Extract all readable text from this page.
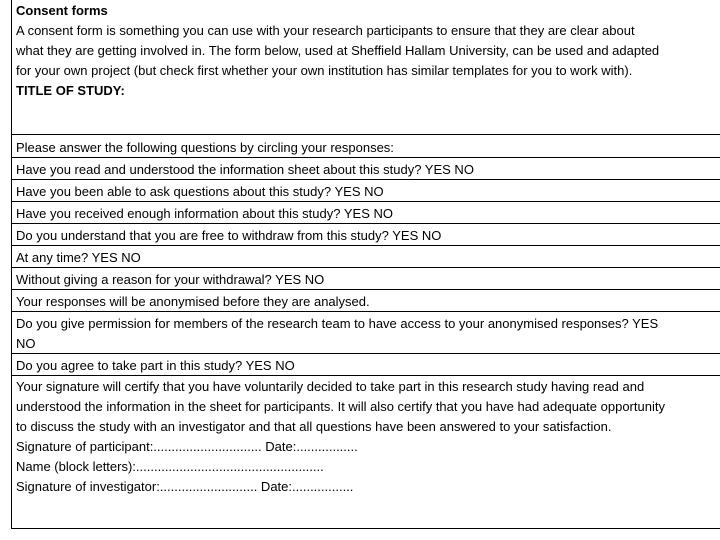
Consent forms
A consent form is something you can use with your research participants to ensure that they are clear about
what they are getting involved in. The form below, used at Sheffield Hallam University, can be used and adapted
for your own project (but check first whether your own institution has similar templates for you to work with).
TITLE OF STUDY:
Please answer the following questions by circling your responses:
Have you read and understood the information sheet about this study? YES NO
Have you been able to ask questions about this study? YES NO
Have you received enough information about this study? YES NO
Do you understand that you are free to withdraw from this study? YES NO
At any time? YES NO
Without giving a reason for your withdrawal? YES NO
Your responses will be anonymised before they are analysed.
Do you give permission for members of the research team to have access to your anonymised responses? YES
NO
Do you agree to take part in this study? YES NO
Your signature will certify that you have voluntarily decided to take part in this research study having read and
understood the information in the sheet for participants. It will also certify that you have had adequate opportunity
to discuss the study with an investigator and that all questions have been answered to your satisfaction.
Signature of participant:.............................. Date:.................
Name (block letters):....................................................
Signature of investigator:........................... Date:.................
